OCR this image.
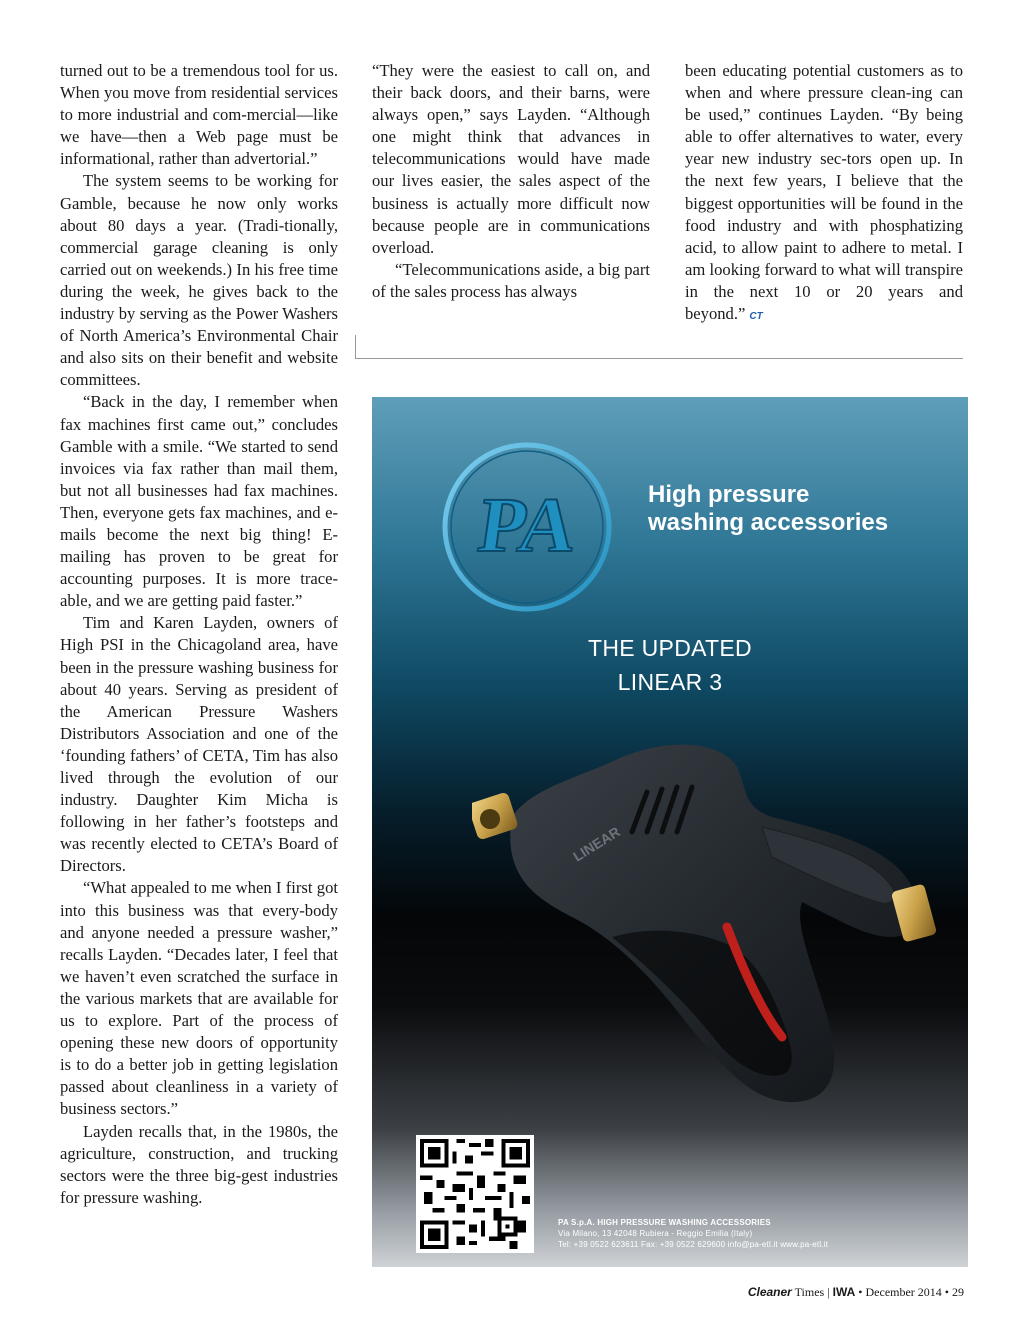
turned out to be a tremendous tool for us. When you move from residential services to more industrial and com-mercial—like we have—then a Web page must be informational, rather than advertorial.”

The system seems to be working for Gamble, because he now only works about 80 days a year. (Tradi-tionally, commercial garage cleaning is only carried out on weekends.) In his free time during the week, he gives back to the industry by serving as the Power Washers of North America’s Environmental Chair and also sits on their benefit and website committees.

“Back in the day, I remember when fax machines first came out,” concludes Gamble with a smile. “We started to send invoices via fax rather than mail them, but not all businesses had fax machines. Then, everyone gets fax machines, and e-mails become the next big thing! E-mailing has proven to be great for accounting purposes. It is more trace-able, and we are getting paid faster.”

Tim and Karen Layden, owners of High PSI in the Chicagoland area, have been in the pressure washing business for about 40 years. Serving as president of the American Pressure Washers Distributors Association and one of the ‘founding fathers’ of CETA, Tim has also lived through the evolution of our industry. Daughter Kim Micha is following in her father’s footsteps and was recently elected to CETA’s Board of Directors.

“What appealed to me when I first got into this business was that every-body and anyone needed a pressure washer,” recalls Layden. “Decades later, I feel that we haven’t even scratched the surface in the various markets that are available for us to explore. Part of the process of opening these new doors of opportunity is to do a better job in getting legislation passed about cleanliness in a variety of business sectors.”

Layden recalls that, in the 1980s, the agriculture, construction, and trucking sectors were the three big-gest industries for pressure washing.

“They were the easiest to call on, and their back doors, and their barns, were always open,” says Layden. “Although one might think that advances in telecommunications would have made our lives easier, the sales aspect of the business is actually more difficult now because people are in communications overload.

“Telecommunications aside, a big part of the sales process has always

been educating potential customers as to when and where pressure clean-ing can be used,” continues Layden. “By being able to offer alternatives to water, every year new industry sec-tors open up. In the next few years, I believe that the biggest opportunities will be found in the food industry and with phosphatizing acid, to allow paint to adhere to metal. I am looking forward to what will transpire in the next 10 or 20 years and beyond.” CT

PA	High pressure
washing accessories
THE UPDATED
LINEAR 3
LINEAR
PA S.p.A. HIGH PRESSURE WASHING ACCESSORIES
Via Milano, 13 42048 Rubiera - Reggio Emilia (Italy)
Tel: +39 0522 623611 Fax: +39 0522 629600 info@pa-etl.it www.pa-etl.it
Cleaner Times | IWA • December 2014 • 29
